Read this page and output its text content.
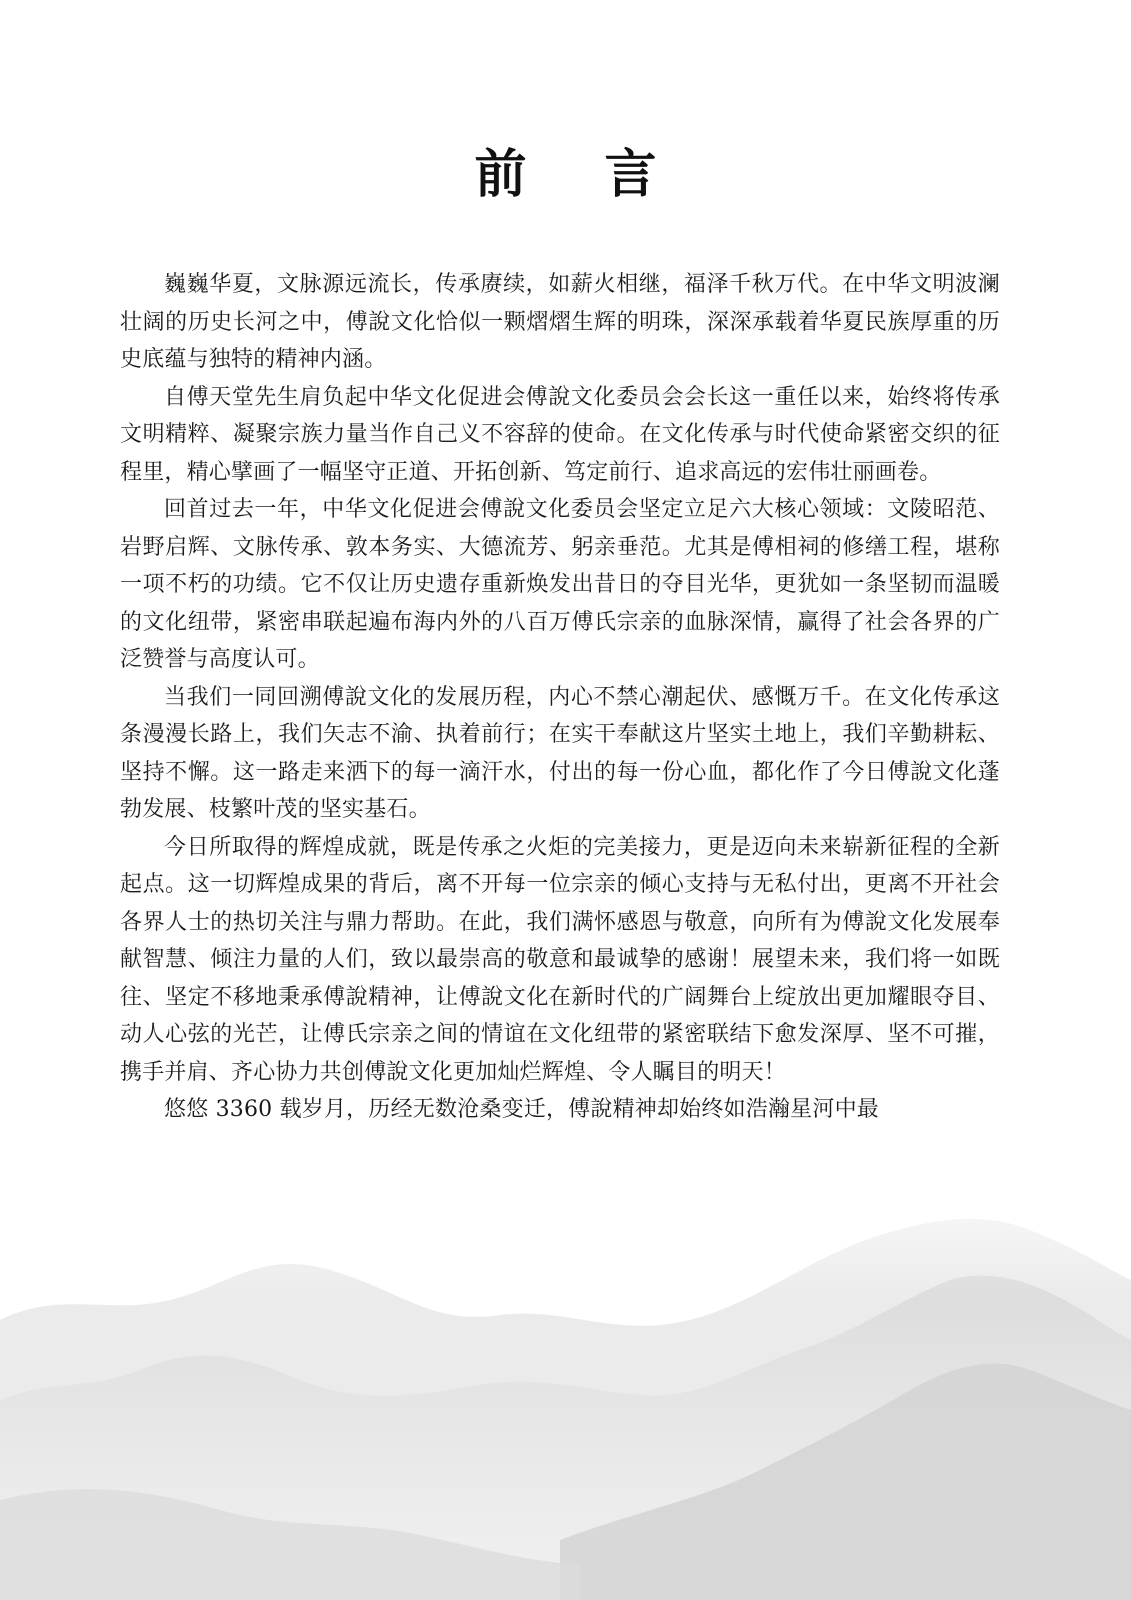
前 言

巍巍华夏，文脉源远流长，传承赓续，如薪火相继，福泽千秋万代。在中华文明波澜壮阔的历史长河之中，傅說文化恰似一颗熠熠生辉的明珠，深深承载着华夏民族厚重的历史底蕴与独特的精神内涵。

自傅天堂先生肩负起中华文化促进会傅說文化委员会会长这一重任以来，始终将传承文明精粹、凝聚宗族力量当作自己义不容辞的使命。在文化传承与时代使命紧密交织的征程里，精心擘画了一幅坚守正道、开拓创新、笃定前行、追求高远的宏伟壮丽画卷。

回首过去一年，中华文化促进会傅說文化委员会坚定立足六大核心领域：文陵昭范、岩野启辉、文脉传承、敦本务实、大德流芳、躬亲垂范。尤其是傅相祠的修缮工程，堪称一项不朽的功绩。它不仅让历史遗存重新焕发出昔日的夺目光华，更犹如一条坚韧而温暖的文化纽带，紧密串联起遍布海内外的八百万傅氏宗亲的血脉深情，赢得了社会各界的广泛赞誉与高度认可。

当我们一同回溯傅說文化的发展历程，内心不禁心潮起伏、感慨万千。在文化传承这条漫漫长路上，我们矢志不渝、执着前行；在实干奉献这片坚实土地上，我们辛勤耕耘、坚持不懈。这一路走来洒下的每一滴汗水，付出的每一份心血，都化作了今日傅說文化蓬勃发展、枝繁叶茂的坚实基石。

今日所取得的辉煌成就，既是传承之火炬的完美接力，更是迈向未来崭新征程的全新起点。这一切辉煌成果的背后，离不开每一位宗亲的倾心支持与无私付出，更离不开社会各界人士的热切关注与鼎力帮助。在此，我们满怀感恩与敬意，向所有为傅說文化发展奉献智慧、倾注力量的人们，致以最崇高的敬意和最诚挚的感谢！展望未来，我们将一如既往、坚定不移地秉承傅說精神，让傅說文化在新时代的广阔舞台上绽放出更加耀眼夺目、动人心弦的光芒，让傅氏宗亲之间的情谊在文化纽带的紧密联结下愈发深厚、坚不可摧，携手并肩、齐心协力共创傅說文化更加灿烂辉煌、令人瞩目的明天！

悠悠 3360 载岁月，历经无数沧桑变迁，傅說精神却始终如浩瀚星河中最
